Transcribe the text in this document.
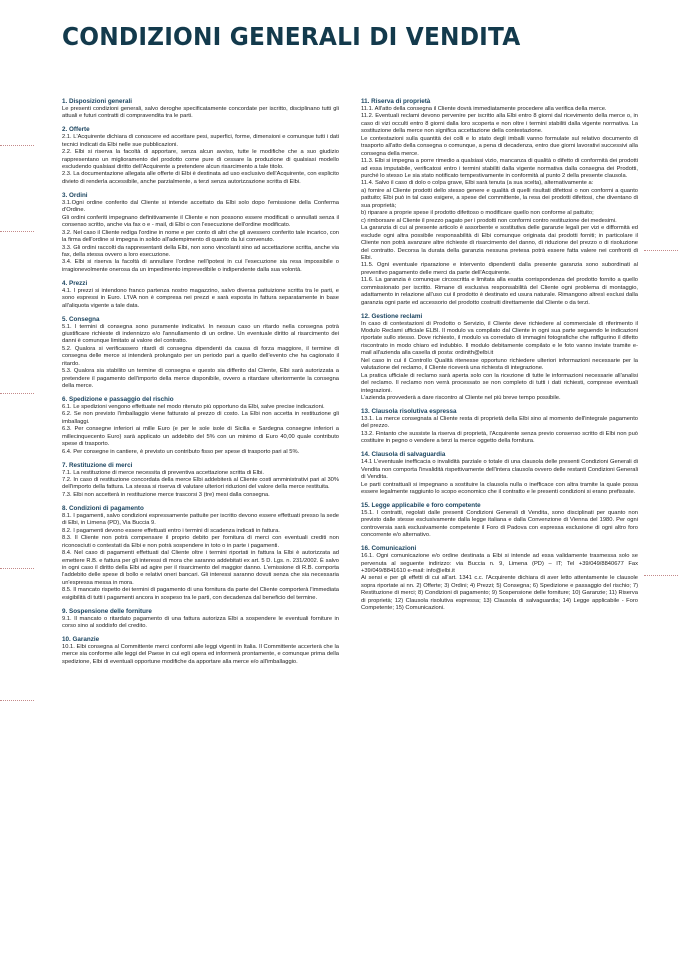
CONDIZIONI GENERALI DI VENDITA
1. Disposizioni generali

Le presenti condizioni generali, salvo deroghe specificatamente concordate per iscritto, disciplinano tutti gli attuali e futuri contratti di compravendita tra le parti.

2. Offerte

2.1. L'Acquirente dichiara di conoscere ed accettare pesi, superfici, forme, dimensioni e comunque tutti i dati tecnici indicati da Elbi nelle sue pubblicazioni.

2.2. Elbi si riserva la facoltà di apportare, senza alcun avviso, tutte le modifiche che a suo giudizio rappresentano un miglioramento del prodotto come pure di cessare la produzione di qualsiasi modello escludendo qualsiasi diritto dell'Acquirente a pretendere alcun risarcimento a tale titolo.

2.3. La documentazione allegata alle offerte di Elbi è destinata ad uso esclusivo dell'Acquirente, con esplicito divieto di renderla accessibile, anche parzialmente, a terzi senza autorizzazione scritta di Elbi.

3. Ordini

3.1.Ogni ordine conferito dal Cliente si intende accettato da Elbi solo dopo l'emissione della Conferma d'Ordine.

Gli ordini conferiti impegnano definitivamente il Cliente e non possono essere modificati o annullati senza il consenso scritto, anche via fax o e - mail, di Elbi o con l'esecuzione dell'ordine modificato.

3.2. Nel caso il Cliente rediga l'ordine in nome e per conto di altri che gli avessero conferito tale incarico, con la firma dell'ordine si impegna in solido all'adempimento di quanto da lui convenuto.

3.3. Gli ordini raccolti da rappresentanti della Elbi, non sono vincolanti sino ad accettazione scritta, anche via fax, della stessa ovvero a loro esecuzione.

3.4. Elbi si riserva la facoltà di annullare l'ordine nell'ipotesi in cui l'esecuzione sia resa impossibile o irragionevolmente onerosa da un impedimento imprevedibile o indipendente dalla sua volontà.

4. Prezzi

4.1. I prezzi si intendono franco partenza nostro magazzino, salvo diversa pattuizione scritta tra le parti, e sono espressi in Euro. L'IVA non è compresa nei prezzi e sarà esposta in fattura separatamente in base all'aliquota vigente a tale data.

5. Consegna

5.1. I termini di consegna sono puramente indicativi. In nessun caso un ritardo nella consegna potrà giustificare richieste di indennizzo e/o l'annullamento di un ordine. Un eventuale diritto al risarcimento dei danni è comunque limitato al valore del contratto.

5.2. Qualora si verificassero ritardi di consegna dipendenti da causa di forza maggiore, il termine di consegna delle merce si intenderà prolungato per un periodo pari a quello dell'evento che ha cagionato il ritardo.

5.3. Qualora sia stabilito un termine di consegna e questo sia differito dal Cliente, Elbi sarà autorizzata a pretendere il pagamento dell'importo della merce disponibile, ovvero a ritardare ulteriormente la consegna della merce.

6. Spedizione e passaggio del rischio

6.1. Le spedizioni vengono effettuate nel modo ritenuto più opportuno da Elbi, salve precise indicazioni.

6.2. Se non previsto l'imballaggio viene fatturato al prezzo di costo. La Elbi non accetta in restituzione gli imballaggi.

6.3. Per consegne inferiori ai mille Euro (e per le sole isole di Sicilia e Sardegna consegne inferiori a millecinquecento Euro) sarà applicato un addebito del 5% con un minimo di Euro 40,00 quale contributo spese di trasporto.

6.4. Per consegne in cantiere, è previsto un contributo fisso per spese di trasporto pari al 5%.

7. Restituzione di merci

7.1. La restituzione di merce necessita di preventiva accettazione scritta di Elbi.

7.2. In caso di restituzione concordata della merce Elbi addebiterà al Cliente costi amministrativi pari al 30% dell'importo della fattura. La stessa si riserva di valutare ulteriori riduzioni del valore della merce restituita.

7.3. Elbi non accetterà in restituzione merce trascorsi 3 (tre) mesi dalla consegna.

8. Condizioni di pagamento

8.1. I pagamenti, salvo condizioni espressamente pattuite per iscritto devono essere effettuati presso la sede di Elbi, in Limena (PD), Via Buccia 9.

8.2. I pagamenti devono essere effettuati entro i termini di scadenza indicati in fattura.

8.3. Il Cliente non potrà compensare il proprio debito per fornitura di merci con eventuali crediti non riconosciuti o contestati da Elbi e non potrà sospendere in toto o in parte i pagamenti.

8.4. Nel caso di pagamenti effettuati dal Cliente oltre i termini riportati in fattura la Elbi è autorizzata ad emettere R.B. e fattura per gli interessi di mora che saranno addebitati ex art. 5 D. Lgs. n. 231/2002. È salvo in ogni caso il diritto della Elbi ad agire per il risarcimento del maggior danno. L'emissione di R.B. comporta l'addebito delle spese di bollo e relativi oneri bancari. Gli interessi saranno dovuti senza che sia necessaria un'espressa messa in mora.

8.5. Il mancato rispetto dei termini di pagamento di una fornitura da parte del Cliente comporterà l'immediata esigibilità di tutti i pagamenti ancora in sospeso tra le parti, con decadenza dal beneficio del termine.

9. Sospensione delle forniture

9.1. Il mancato o ritardato pagamento di una fattura autorizza Elbi a sospendere le eventuali forniture in corso sino al soddisfo del credito.

10. Garanzie

10.1. Elbi consegna al Committente merci conformi alle leggi vigenti in Italia. Il Committente accerterà che la merce sia conforme alle leggi del Paese in cui egli opera ed informerà prontamente, e comunque prima della spedizione, Elbi di eventuali opportune modifiche da apportare alla merce e/o all'imballaggio.

11. Riserva di proprietà

11.1. All'atto della consegna il Cliente dovrà immediatamente procedere alla verifica della merce.

11.2. Eventuali reclami devono pervenire per iscritto alla Elbi entro 8 giorni dal ricevimento della merce o, in caso di vizi occulti entro 8 giorni dalla loro scoperta e non oltre i termini stabiliti dalla vigente normativa. La sostituzione della merce non significa accettazione della contestazione.

Le contestazioni sulla quantità dei colli e lo stato degli imballi vanno formulate sul relativo documento di trasporto all'atto della consegna o comunque, a pena di decadenza, entro due giorni lavorativi successivi alla consegna della merce.

11.3. Elbi si impegna a porre rimedio a qualsiasi vizio, mancanza di qualità o difetto di conformità dei prodotti ad essa imputabile, verificatosi entro i termini stabiliti dalla vigente normativa dalla consegna dei Prodotti, purché lo stesso Le sia stato notificato tempestivamente in conformità al punto 2 della presente clausola.

11.4. Salvo il caso di dolo o colpa grave, Elbi sarà tenuta (a sua scelta), alternativamente a:

a) fornire al Cliente prodotti dello stesso genere e qualità di quelli risultati difettosi o non conformi a quanto pattuito; Elbi può in tal caso esigere, a spese del committente, la resa dei prodotti difettosi, che diventano di sua proprietà;

b) riparare a proprie spese il prodotto difettoso o modificare quello non conforme al pattuito;

c) rimborsare al Cliente il prezzo pagato per i prodotti non conformi contro restituzione dei medesimi.

La garanzia di cui al presente articolo è assorbente e sostitutiva delle garanzie legali per vizi e difformità ed esclude ogni altra possibile responsabilità di Elbi comunque originata dai prodotti forniti; in particolare il Cliente non potrà avanzare altre richieste di risarcimento del danno, di riduzione del prezzo o di risoluzione del contratto. Decorsa la durata della garanzia nessuna pretesa potrà essere fatta valere nei confronti di Elbi.

11.5. Ogni eventuale riparazione e intervento dipendenti dalla presente garanzia sono subordinati al preventivo pagamento delle merci da parte dell'Acquirente.

11.6. La garanzia è comunque circoscritta e limitata alla esatta corrispondenza del prodotto fornito a quello commissionato per iscritto. Rimane di esclusiva responsabilità del Cliente ogni problema di montaggio, adattamento in relazione all'uso cui il prodotto è destinato ed usura naturale. Rimangono altresì esclusi dalla garanzia ogni parte ed accessorio del prodotto costruiti direttamente dal Cliente o da terzi.

12. Gestione reclami

In caso di contestazioni di Prodotto o Servizio, il Cliente deve richiedere al commerciale di riferimento il Modulo Reclami ufficiale ELBI. Il modulo va compilato dal Cliente in ogni sua parte seguendo le indicazioni riportate sullo stesso. Dove richiesto, il modulo va corredato di immagini fotografiche che raffigurino il difetto riscontrato in modo chiaro ed indubbio. Il modulo debitamente compilato e le foto vanno inviate tramite e-mail all'azienda alla casella di posta: ordinith@elbi.it

Nel caso in cui il Controllo Qualità ritenesse opportuno richiedere ulteriori informazioni necessarie per la valutazione del reclamo, il Cliente riceverà una richiesta di integrazione.

La pratica ufficiale di reclamo sarà aperta solo con la ricezione di tutte le informazioni necessarie all'analisi del reclamo. Il reclamo non verrà processato se non completo di tutti i dati richiesti, comprese eventuali integrazioni.

L'azienda provvederà a dare riscontro al Cliente nel più breve tempo possibile.

13. Clausola risolutiva espressa

13.1. La merce consegnata al Cliente resta di proprietà della Elbi sino al momento dell'integrale pagamento del prezzo.

13.2. Fintanto che sussiste la riserva di proprietà, l'Acquirente senza previo consenso scritto di Elbi non può costituire in pegno o vendere a terzi la merce oggetto della fornitura.

14. Clausola di salvaguardia

14.1 L'eventuale inefficacia o invalidità parziale o totale di una clausola delle presenti Condizioni Generali di Vendita non comporta l'invalidità rispettivamente dell'intera clausola ovvero delle restanti Condizioni Generali di Vendita.

Le parti contrattuali si impegnano a sostituire la clausola nulla o inefficace con altra tramite la quale possa essere legalmente raggiunto lo scopo economico che il contratto e le presenti condizioni si erano prefissate.

15. Legge applicabile e foro competente

15.1. I contratti, regolati dalle presenti Condizioni Generali di Vendita, sono disciplinati per quanto non previsto dalle stesse esclusivamente dalla legge italiana e dalla Convenzione di Vienna del 1980. Per ogni controversia sarà esclusivamente competente il Foro di Padova con espressa esclusione di ogni altro foro concorrente e/o alternativo.

16. Comunicazioni

16.1. Ogni comunicazione e/o ordine destinata a Elbi si intende ad essa validamente trasmessa solo se pervenuta al seguente indirizzo: via Buccia n. 9, Limena (PD) – IT; Tel +39/049/8840677 Fax +39/049/8841610 e-mail: info@elbi.it

Ai sensi e per gli effetti di cui all'art. 1341 c.c. l'Acquirente dichiara di aver letto attentamente le clausole sopra riportate ai nn. 2) Offerte; 3) Ordini; 4) Prezzi; 5) Consegna; 6) Spedizione e passaggio del rischio; 7) Restituzione di merci; 8) Condizioni di pagamento; 9) Sospensione delle forniture; 10) Garanzie; 11) Riserva di proprietà; 12) Clausola risolutiva espressa; 13) Clausola di salvaguardia; 14) Legge applicabile - Foro Competente; 15) Comunicazioni.
